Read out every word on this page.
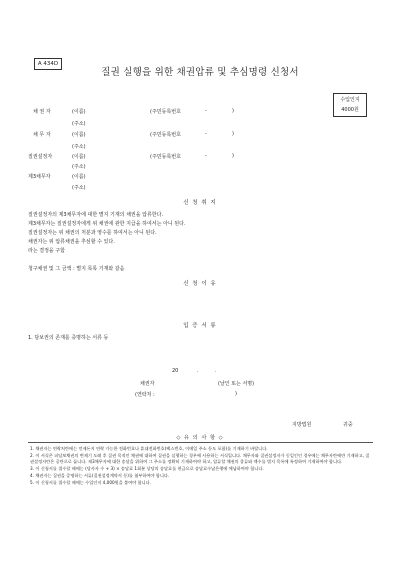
A 434D
질권 실행을 위한 채권압류 및 추심명령 신청서
수입인지
4000원
채 권 자	(이름)	(주민등록번호	-	)
(주소)
채 무 자	(이름)	(주민등록번호	-	)
(주소)
질권설정자	(이름)	(주민등록번호	-	)
(주소)
제3채무자	(이름)
(주소)
신 청 취 지
질권설정자의 제3채무자에 대한 별지 기재의 채권을 압류한다.
제3채무자는 질권설정자에게 위 채권에 관한 지급을 하여서는 아니 된다.
질권설정자는 위 채권의 처분과 영수를 하여서는 아니 된다.
채권자는 위 압류채권을 추심할 수 있다.
라는 결정을 구함
청구채권 및 그 금액 : 별지 목록 기재와 같음
신 청 이 유
입 증 서 류
1. 담보권의 존재를 증명하는 서류 등
20	.	.
채권자	(날인 또는 서명)
(연락처 :	)
지방법원	귀중
◇ 유 의 사 항 ◇

1. 채권자는 연락처란에는 언제든지 연락 가능한 전화번호나 휴대전화번호(팩스번호, 이메일 주소 등도 포함)를 기재하기 바랍니다.

2. 이 서식은 피담보채권의 변제기 도래 후 질권 목적인 채권에 대하여 질권을 실행하는 경우에 사용하는 서식입니다. 채무자와 질권설정자가 동일인인 경우에는 채무자란에만 기재하고, 질권설정자란은 공란으로 둡니다. 제3채무자에 대한 송달을 위하여 그 주소를 정확히 기재하여야 하고, 압류할 채권의 종류와 액수를 별지 목록에 특정하여 기재하여야 합니다.

3. 이 신청서를 접수할 때에는 (당사자 수 + 3) × 송달료 1회분 상당의 송달료를 현금으로 송달료수납은행에 예납하여야 합니다.

4. 채권자는 질권을 증명하는 서류(질권설정계약서 등)를 첨부하여야 합니다.

5. 이 신청서를 접수할 때에는 수입인지 4,000원을 붙여야 합니다.
